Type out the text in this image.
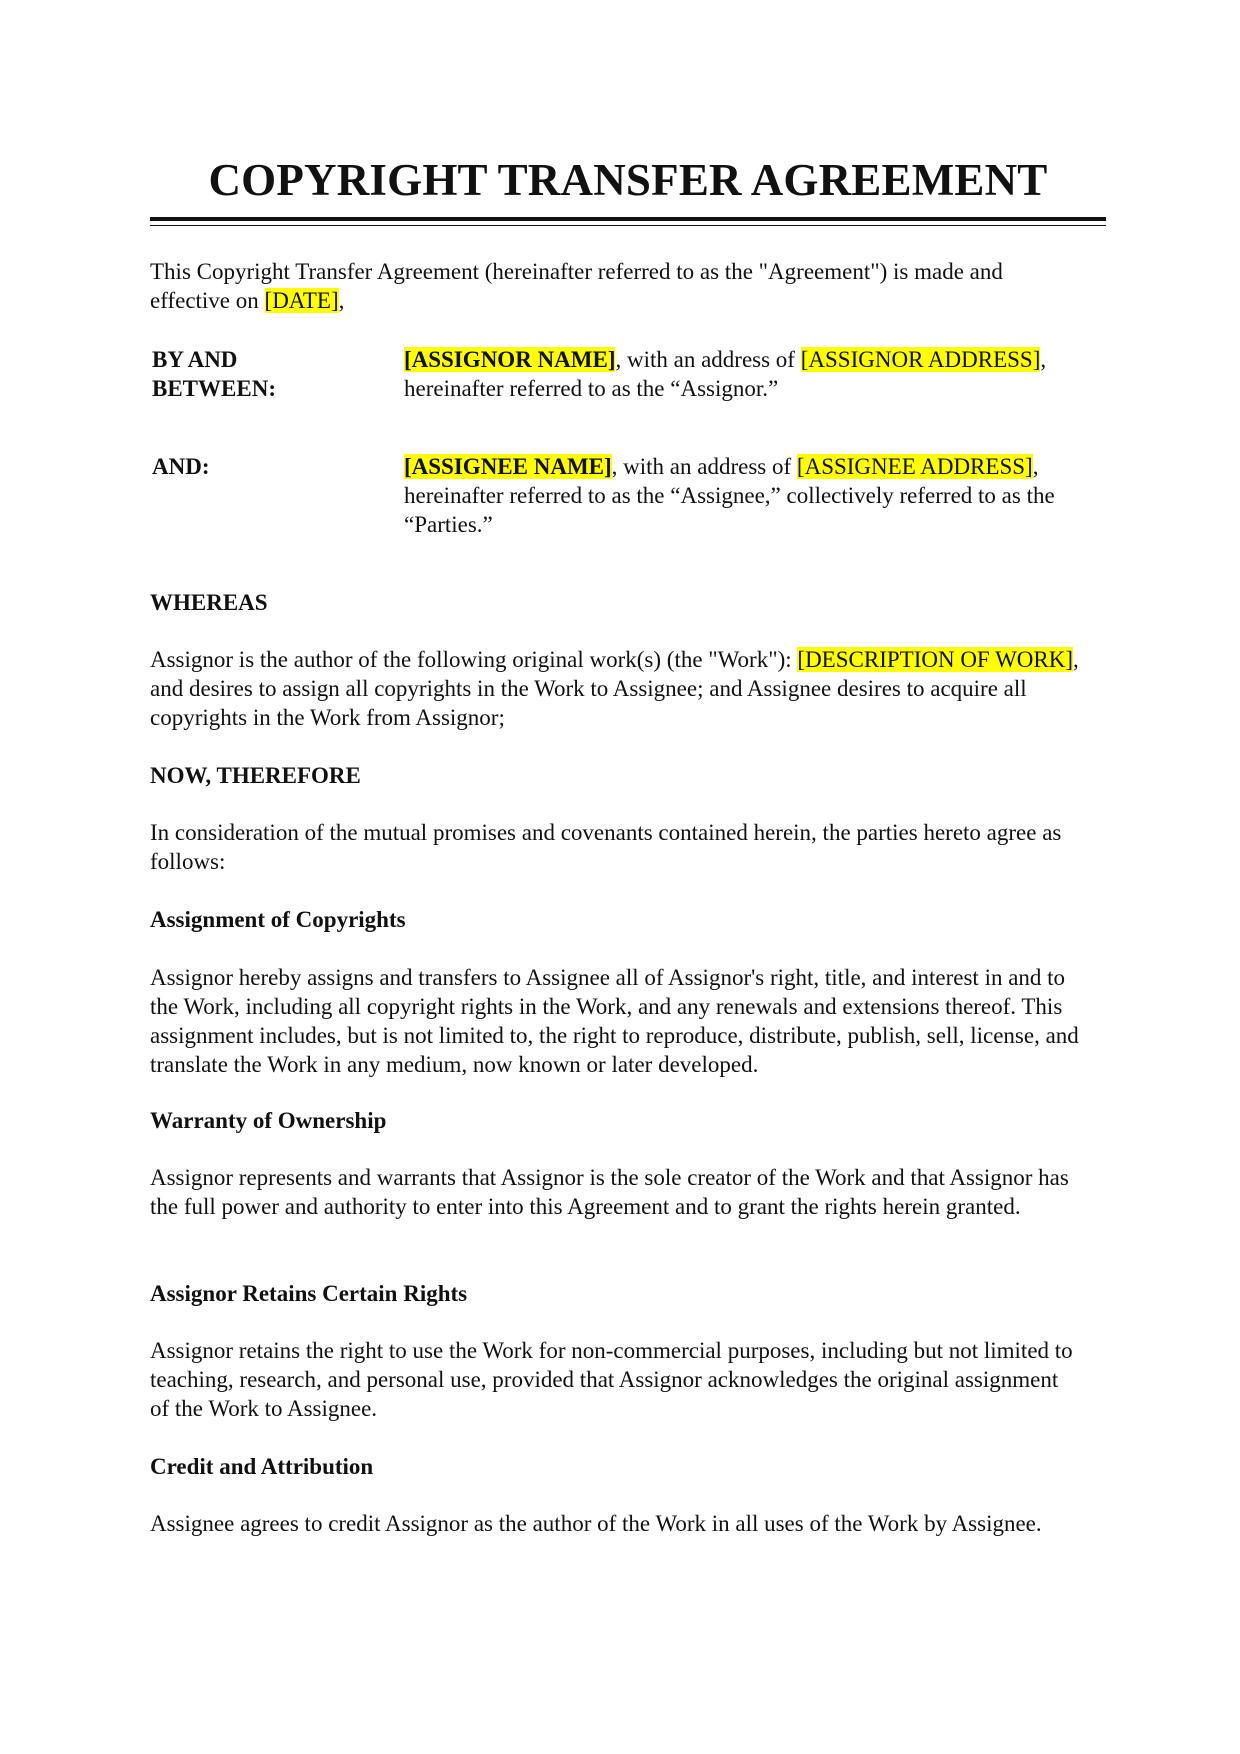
COPYRIGHT TRANSFER AGREEMENT

This Copyright Transfer Agreement (hereinafter referred to as the "Agreement") is made and effective on [DATE],

BY AND BETWEEN:
[ASSIGNOR NAME], with an address of [ASSIGNOR ADDRESS], hereinafter referred to as the “Assignor.”
AND:	[ASSIGNEE NAME], with an address of [ASSIGNEE ADDRESS], hereinafter referred to as the “Assignee,” collectively referred to as the “Parties.”
WHEREAS

Assignor is the author of the following original work(s) (the "Work"): [DESCRIPTION OF WORK], and desires to assign all copyrights in the Work to Assignee; and Assignee desires to acquire all copyrights in the Work from Assignor;

NOW, THEREFORE

In consideration of the mutual promises and covenants contained herein, the parties hereto agree as follows:

Assignment of Copyrights

Assignor hereby assigns and transfers to Assignee all of Assignor's right, title, and interest in and to the Work, including all copyright rights in the Work, and any renewals and extensions thereof. This assignment includes, but is not limited to, the right to reproduce, distribute, publish, sell, license, and translate the Work in any medium, now known or later developed.

Warranty of Ownership

Assignor represents and warrants that Assignor is the sole creator of the Work and that Assignor has the full power and authority to enter into this Agreement and to grant the rights herein granted.

Assignor Retains Certain Rights

Assignor retains the right to use the Work for non-commercial purposes, including but not limited to teaching, research, and personal use, provided that Assignor acknowledges the original assignment of the Work to Assignee.

Credit and Attribution

Assignee agrees to credit Assignor as the author of the Work in all uses of the Work by Assignee.
